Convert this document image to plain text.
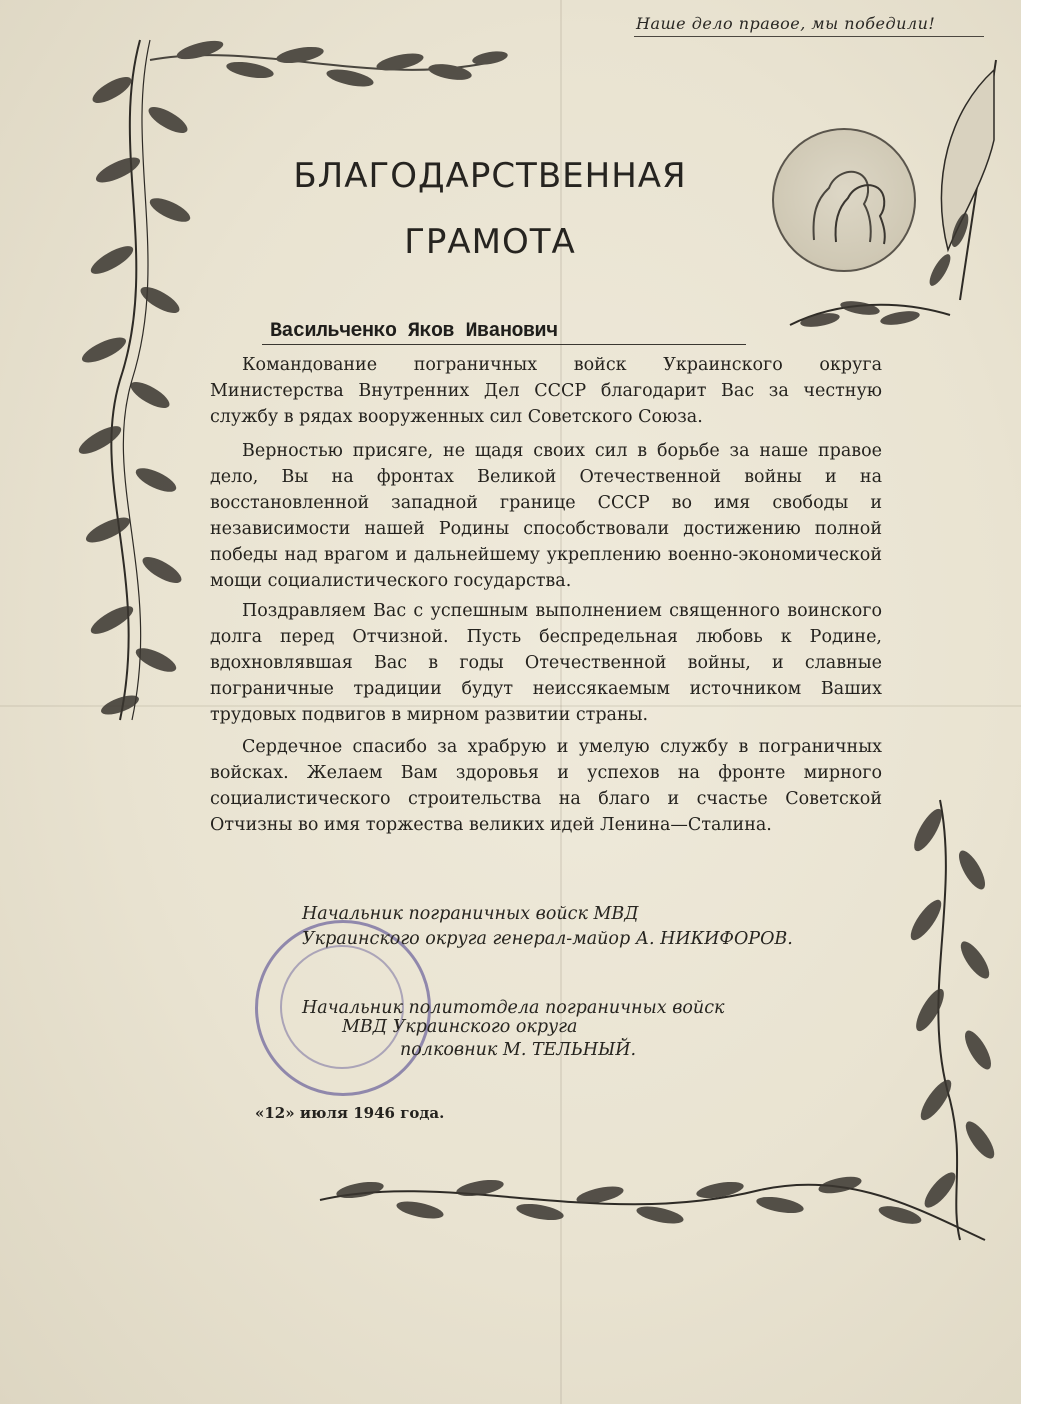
Наше дело правое, мы победили!
БЛАГОДАРСТВЕННАЯ
ГРАМОТА
Васильченко Яков Иванович

Командование пограничных войск Украинского округа Министерства Внутренних Дел СССР благодарит Вас за честную службу в рядах вооруженных сил Советского Союза.

Верностью присяге, не щадя своих сил в борьбе за наше правое дело, Вы на фронтах Великой Отечественной войны и на восстановленной западной границе СССР во имя свободы и независимости нашей Родины способствовали достижению полной победы над врагом и дальнейшему укреплению военно-экономической мощи социалистического государства.

Поздравляем Вас с успешным выполнением священного воинского долга перед Отчизной. Пусть беспредельная любовь к Родине, вдохновлявшая Вас в годы Отечественной войны, и славные пограничные традиции будут неиссякаемым источником Ваших трудовых подвигов в мирном развитии страны.

Сердечное спасибо за храбрую и умелую службу в пограничных войсках. Желаем Вам здоровья и успехов на фронте мирного социалистического строительства на благо и счастье Советской Отчизны во имя торжества великих идей Ленина—Сталина.

Начальник пограничных войск МВД
Украинского округа генерал-майор А. НИКИФОРОВ.
Начальник политотдела пограничных войск
МВД Украинского округа
полковник М. ТЕЛЬНЫЙ.
«12» июля 1946 года.
